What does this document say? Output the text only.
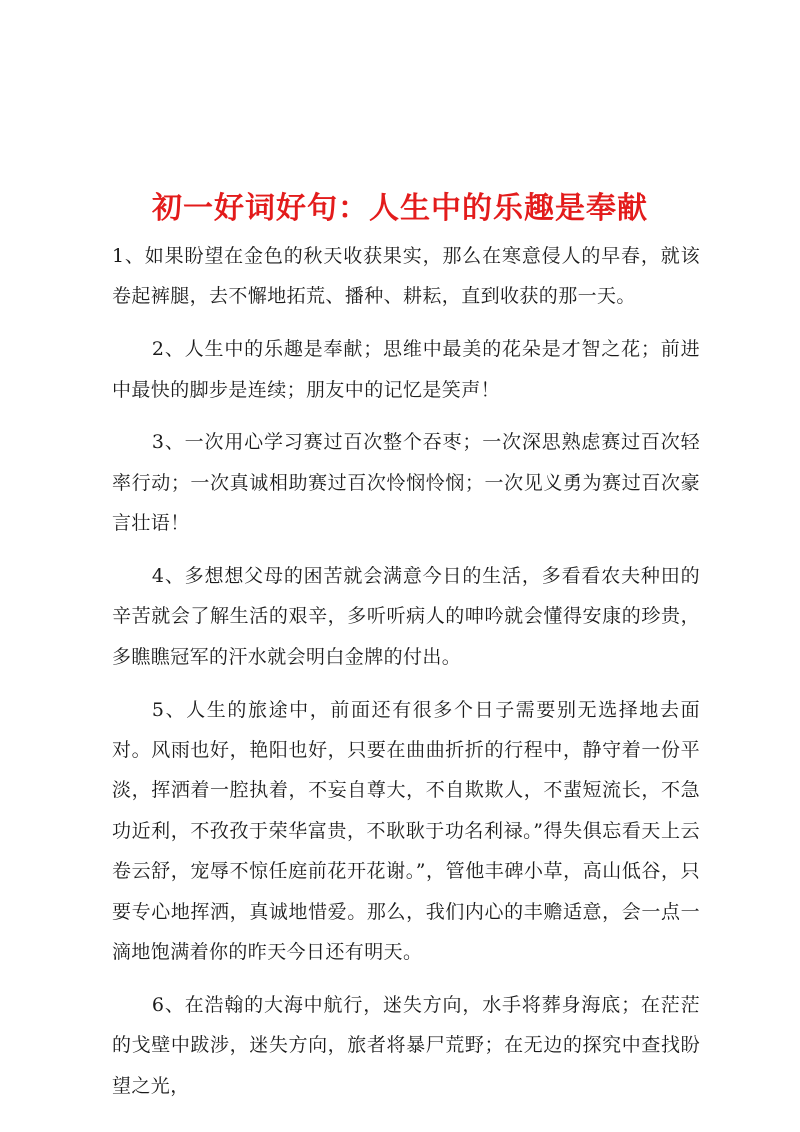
初一好词好句：人生中的乐趣是奉献

1、如果盼望在金色的秋天收获果实，那么在寒意侵人的早春，就该卷起裤腿，去不懈地拓荒、播种、耕耘，直到收获的那一天。

2、人生中的乐趣是奉献；思维中最美的花朵是才智之花；前进中最快的脚步是连续；朋友中的记忆是笑声！

3、一次用心学习赛过百次整个吞枣；一次深思熟虑赛过百次轻率行动；一次真诚相助赛过百次怜悯怜悯；一次见义勇为赛过百次豪言壮语！

4、多想想父母的困苦就会满意今日的生活，多看看农夫种田的辛苦就会了解生活的艰辛，多听听病人的呻吟就会懂得安康的珍贵，多瞧瞧冠军的汗水就会明白金牌的付出。

5、人生的旅途中，前面还有很多个日子需要别无选择地去面对。风雨也好，艳阳也好，只要在曲曲折折的行程中，静守着一份平淡，挥洒着一腔执着，不妄自尊大，不自欺欺人，不蜚短流长，不急功近利，不孜孜于荣华富贵，不耿耿于功名利禄。”得失俱忘看天上云卷云舒，宠辱不惊任庭前花开花谢。”，管他丰碑小草，高山低谷，只要专心地挥洒，真诚地惜爱。那么，我们内心的丰赡适意，会一点一滴地饱满着你的昨天今日还有明天。

6、在浩翰的大海中航行，迷失方向，水手将葬身海底；在茫茫的戈壁中跋涉，迷失方向，旅者将暴尸荒野；在无边的探究中查找盼望之光，
